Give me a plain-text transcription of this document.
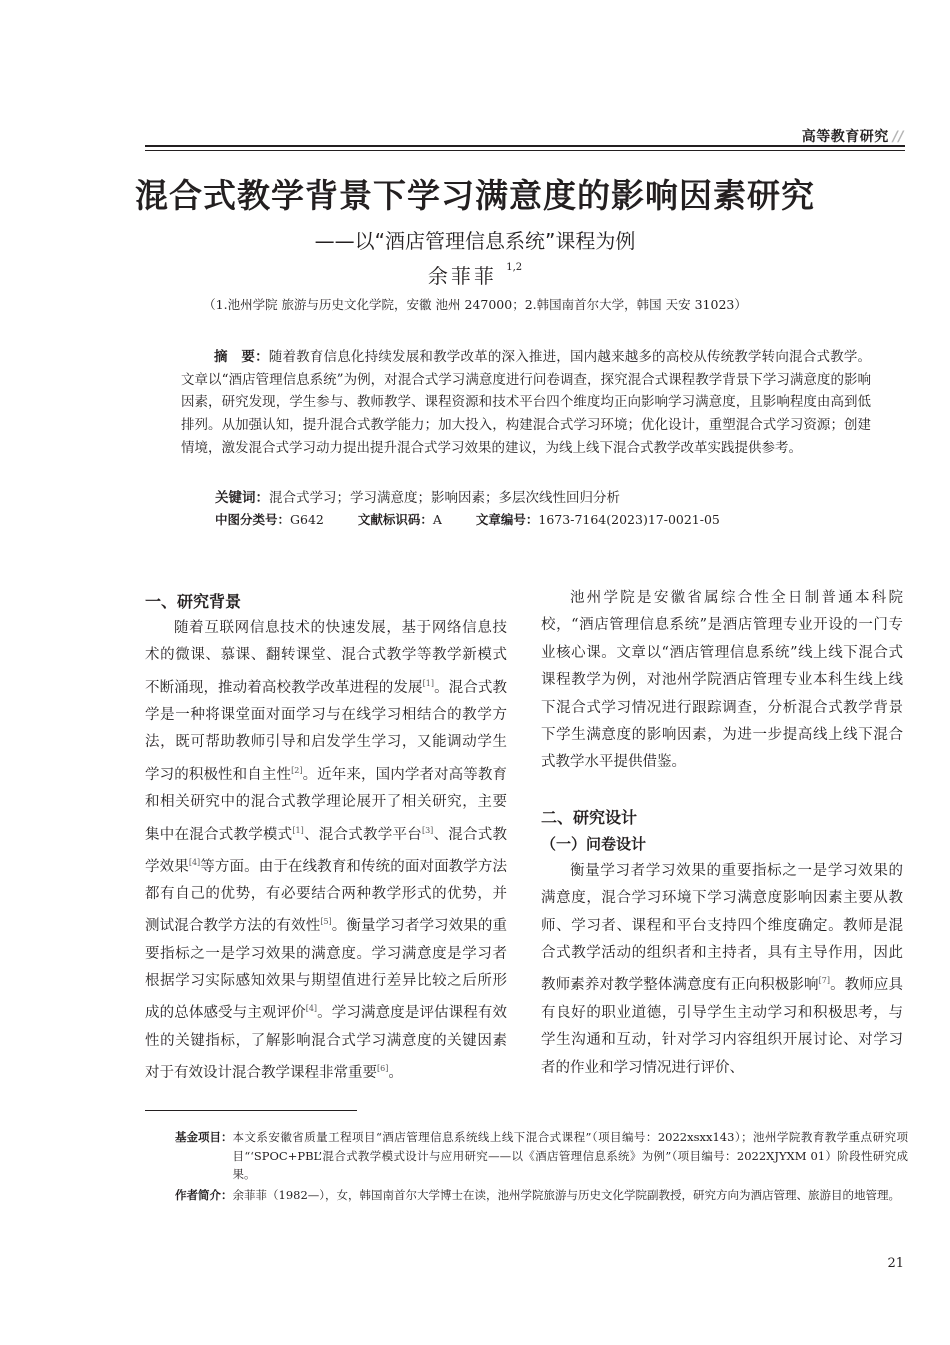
高等教育研究 //
混合式教学背景下学习满意度的影响因素研究
——以“酒店管理信息系统”课程为例
余菲菲 $^{1,2}$
（1.池州学院 旅游与历史文化学院，安徽 池州 247000；2.韩国南首尔大学，韩国 天安 31023）
摘　要：随着教育信息化持续发展和教学改革的深入推进，国内越来越多的高校从传统教学转向混合式教学。文章以“酒店管理信息系统”为例，对混合式学习满意度进行问卷调查，探究混合式课程教学背景下学习满意度的影响因素，研究发现，学生参与、教师教学、课程资源和技术平台四个维度均正向影响学习满意度，且影响程度由高到低排列。从加强认知，提升混合式教学能力；加大投入，构建混合式学习环境；优化设计，重塑混合式学习资源；创建情境，激发混合式学习动力提出提升混合式学习效果的建议，为线上线下混合式教学改革实践提供参考。
关键词：混合式学习；学习满意度；影响因素；多层次线性回归分析
中图分类号：G642	文献标识码：A	文章编号：1673-7164(2023)17-0021-05
一、研究背景

随着互联网信息技术的快速发展，基于网络信息技术的微课、慕课、翻转课堂、混合式教学等教学新模式不断涌现，推动着高校教学改革进程的发展[1]。混合式教学是一种将课堂面对面学习与在线学习相结合的教学方法，既可帮助教师引导和启发学生学习，又能调动学生学习的积极性和自主性[2]。近年来，国内学者对高等教育和相关研究中的混合式教学理论展开了相关研究，主要集中在混合式教学模式[1]、混合式教学平台[3]、混合式教学效果[4]等方面。由于在线教育和传统的面对面教学方法都有自己的优势，有必要结合两种教学形式的优势，并测试混合教学方法的有效性[5]。衡量学习者学习效果的重要指标之一是学习效果的满意度。学习满意度是学习者根据学习实际感知效果与期望值进行差异比较之后所形成的总体感受与主观评价[4]。学习满意度是评估课程有效性的关键指标，了解影响混合式学习满意度的关键因素对于有效设计混合教学课程非常重要[6]。

池州学院是安徽省属综合性全日制普通本科院校，“酒店管理信息系统”是酒店管理专业开设的一门专业核心课。文章以“酒店管理信息系统”线上线下混合式课程教学为例，对池州学院酒店管理专业本科生线上线下混合式学习情况进行跟踪调查，分析混合式教学背景下学生满意度的影响因素，为进一步提高线上线下混合式教学水平提供借鉴。

二、研究设计
（一）问卷设计

衡量学习者学习效果的重要指标之一是学习效果的满意度，混合学习环境下学习满意度影响因素主要从教师、学习者、课程和平台支持四个维度确定。教师是混合式教学活动的组织者和主持者，具有主导作用，因此教师素养对教学整体满意度有正向积极影响[7]。教师应具有良好的职业道德，引导学生主动学习和积极思考，与学生沟通和互动，针对学习内容组织开展讨论、对学习者的作业和学习情况进行评价、

基金项目： 本文系安徽省质量工程项目“酒店管理信息系统线上线下混合式课程”（项目编号：2022xsxx143）；池州学院教育教学重点研究项目“‘SPOC+PBL’混合式教学模式设计与应用研究——以《酒店管理信息系统》为例”（项目编号：2022XJYXM 01）阶段性研究成果。
作者简介： 余菲菲（1982—），女，韩国南首尔大学博士在读，池州学院旅游与历史文化学院副教授，研究方向为酒店管理、旅游目的地管理。
21
